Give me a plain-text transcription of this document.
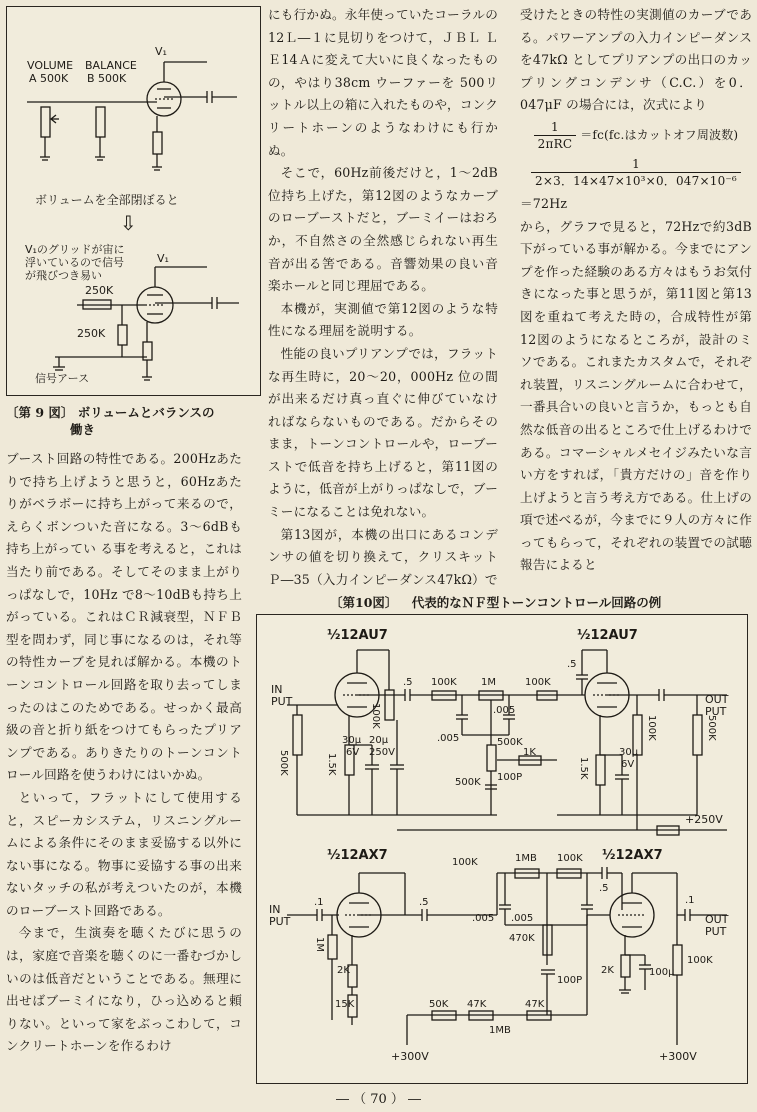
VOLUME
A 500K
BALANCE
B 500K
V₁
ボリュームを全部閉ぼると
⇩
V₁のグリッドが宙に
浮いているので信号
が飛びつき易い
V₁
250K
250K
信号アース
〔第 9 図〕 ボリュームとバランスの
働き

ブースト回路の特性である。200Hzあたりで持ち上げようと思うと，60Hzあたりがベラボーに持ち上がって来るので，えらくボンついた音になる。3～6dBも持ち上がってい る事を考えると，これは当たり前である。そしてそのまま上がりっぱなしで，10Hz で8～10dBも持ち上がっている。これはＣＲ減衰型，ＮＦＢ型を問わず，同じ事になるのは，それ等の特性カーブを見れば解かる。本機のトーンコントロール回路を取り去ってしまったのはこのためである。せっかく最高級の音と折り紙をつけてもらったプリアンプである。ありきたりのトーンコントロール回路を使うわけにはいかぬ。

といって，フラットにして使用すると，スピーカシステム，リスニングルームによる条件にそのまま妥協する以外にない事になる。物事に妥協する事の出来ないタッチの私が考えついたのが，本機のローブースト回路である。

今まで，生演奏を聴くたびに思うのは，家庭で音楽を聴くのに一番むづかしいのは低音だということである。無理に出せばブーミイになり，ひっ込めると頼りない。といって家をぶっこわして，コンクリートホーンを作るわけ

にも行かぬ。永年使っていたコーラルの12Ｌ―１に見切りをつけて，ＪＢＬ ＬＥ14Ａに変えて大いに良くなったものの，やはり38cm ウーファーを 500リットル以上の箱に入れたものや，コンクリートホーンのようなわけにも行かぬ。

そこで，60Hz前後だけと，1～2dB位持ち上げた，第12図のようなカーブのローブーストだと，ブーミイーはおろか，不自然さの全然感じられない再生音が出る筈である。音響効果の良い音楽ホールと同じ理屈である。

本機が，実測値で第12図のような特性になる理屈を説明する。

性能の良いプリアンプでは，フラットな再生時に，20～20，000Hz 位の間が出来るだけ真っ直ぐに伸びていなければならないものである。だからそのまま，トーンコントロールや，ローブーストで低音を持ち上げると，第11図のように，低音が上がりっぱなしで，ブーミーになることは免れない。

第13図が，本機の出口にあるコンデンサの値を切り換えて，クリスキット Ｐ―35（入力インピーダンス47kΩ）で

受けたときの特性の実測値のカーブである。パワーアンプの入力インピーダンスを47kΩ としてプリアンプの出口のカップリングコンデンサ（C.C.）を0．047μF の場合には，次式により

$\frac{1}{\text{2πRC}} =fc(fc$.はカットオフ周波数)
$\frac{1}{\text{2×3．14×47×10³×0．047×10⁻⁶}}$

＝72Hz

から，グラフで見ると，72Hzで約3dB下がっている事が解かる。今までにアンプを作った経験のある方々はもうお気付きになった事と思うが，第11図と第13図を重ねて考えた時の，合成特性が第12図のようになるところが，設計のミソである。これまたカスタムで，それぞれ装置，リスニングルームに合わせて，一番具合いの良いと言うか，もっとも自然な低音の出るところで仕上げるわけである。コマーシャルメセイジみたいな言い方をすれば，「貴方だけの」音を作り上げようと言う考え方である。仕上げの項で述べるが，今までに９人の方々に作ってもらって，それぞれの装置での試聴報告によると

〔第10図〕 代表的なＮＦ型トーンコントロール回路の例
½12AU7	½12AU7
IN
PUT	OUT
PUT
.5 100K 1M	100K
.5
.005
.005	500K
1K
500K 100P
500K
100K
30μ
6V
20μ
250V
1.5K
100K	500K
1.5K
30μ
6V
+250V
½12AX7	½12AX7
IN
PUT	OUT
PUT
.1
1M
2K
15K
.5
100K	1MB 100K
.005 .005
470K
100P
50K 47K	47K
1MB
.5
2K	100μ
100K
.1
+300V	+300V
― （ 70 ） ―
